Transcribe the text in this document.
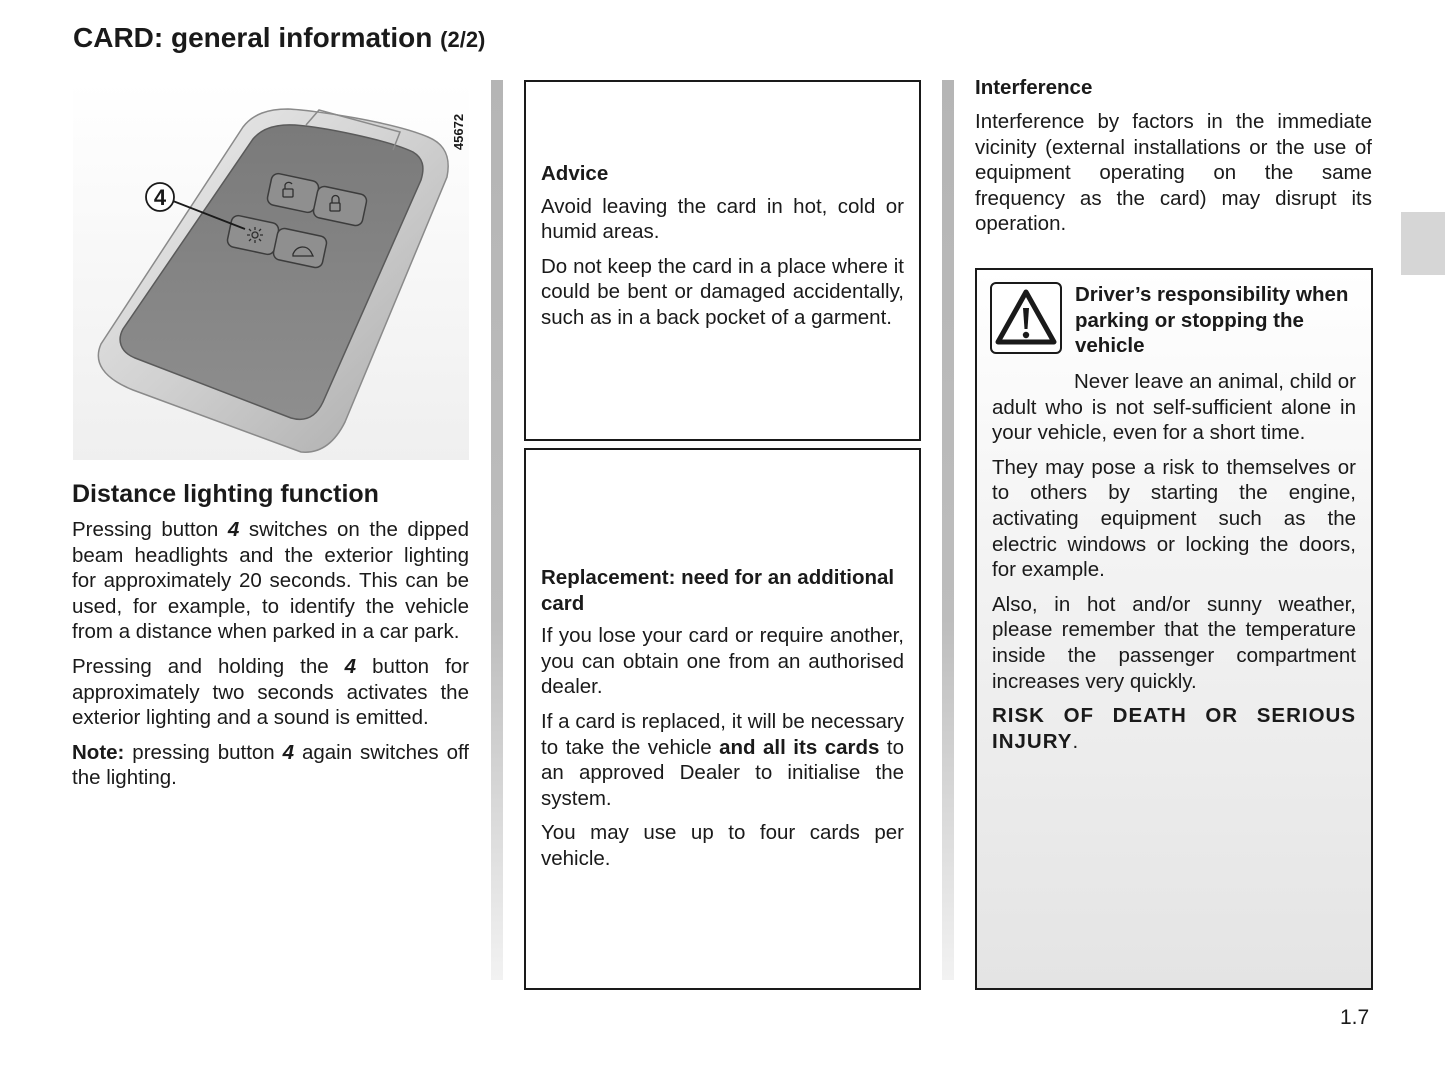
CARD: general information (2/2)
4
45672
Distance lighting function

Pressing button 4 switches on the dipped beam headlights and the exterior lighting for approximately 20 seconds. This can be used, for example, to identify the vehicle from a distance when parked in a car park.

Pressing and holding the 4 button for approximately two seconds activates the exterior lighting and a sound is emitted.

Note: pressing button 4 again switches off the lighting.

Advice

Avoid leaving the card in hot, cold or humid areas.

Do not keep the card in a place where it could be bent or damaged accidentally, such as in a back pocket of a garment.

Replacement: need for an additional card

If you lose your card or require another, you can obtain one from an authorised dealer.

If a card is replaced, it will be necessary to take the vehicle and all its cards to an approved Dealer to initialise the system.

You may use up to four cards per vehicle.

Interference

Interference by factors in the immediate vicinity (external installations or the use of equipment operating on the same frequency as the card) may disrupt its operation.

Driver’s responsibility when parking or stopping the vehicle

Never leave an animal, child or adult who is not self-sufficient alone in your vehicle, even for a short time.

They may pose a risk to themselves or to others by starting the engine, activating equipment such as the electric windows or locking the doors, for example.

Also, in hot and/or sunny weather, please remember that the temperature inside the passenger compartment increases very quickly.

RISK OF DEATH OR SERIOUS INJURY.

1.7
